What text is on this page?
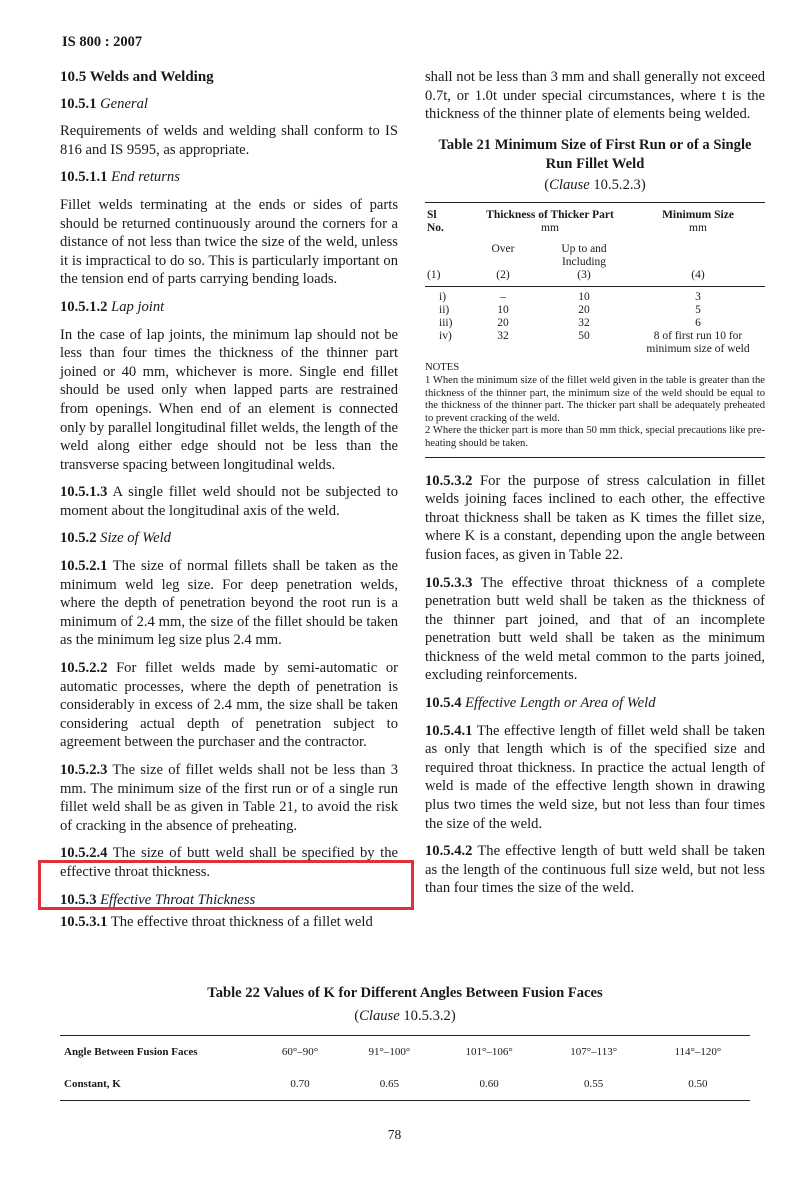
IS 800 : 2007
10.5 Welds and Welding

10.5.1 General

Requirements of welds and welding shall conform to IS 816 and IS 9595, as appropriate.

10.5.1.1 End returns

Fillet welds terminating at the ends or sides of parts should be returned continuously around the corners for a distance of not less than twice the size of the weld, unless it is impractical to do so. This is particularly important on the tension end of parts carrying bending loads.

10.5.1.2 Lap joint

In the case of lap joints, the minimum lap should not be less than four times the thickness of the thinner part joined or 40 mm, whichever is more. Single end fillet should be used only when lapped parts are restrained from openings. When end of an element is connected only by parallel longitudinal fillet welds, the length of the weld along either edge should not be less than the transverse spacing between longitudinal welds.

10.5.1.3 A single fillet weld should not be subjected to moment about the longitudinal axis of the weld.

10.5.2 Size of Weld

10.5.2.1 The size of normal fillets shall be taken as the minimum weld leg size. For deep penetration welds, where the depth of penetration beyond the root run is a minimum of 2.4 mm, the size of the fillet should be taken as the minimum leg size plus 2.4 mm.

10.5.2.2 For fillet welds made by semi-automatic or automatic processes, where the depth of penetration is considerably in excess of 2.4 mm, the size shall be taken considering actual depth of penetration subject to agreement between the purchaser and the contractor.

10.5.2.3 The size of fillet welds shall not be less than 3 mm. The minimum size of the first run or of a single run fillet weld shall be as given in Table 21, to avoid the risk of cracking in the absence of preheating.

10.5.2.4 The size of butt weld shall be specified by the effective throat thickness.

10.5.3 Effective Throat Thickness

10.5.3.1 The effective throat thickness of a fillet weld

shall not be less than 3 mm and shall generally not exceed 0.7t, or 1.0t under special circumstances, where t is the thickness of the thinner plate of elements being welded.

Table 21 Minimum Size of First Run or of a Single Run Fillet Weld
(Clause 10.5.2.3)
Sl
No.	Thickness of Thicker Part
mm		Minimum Size
mm
	Over	Up to and Including	
(1)	(2)	(3)	(4)

i)	–	10	3
ii)	10	20	5
iii)	20	32	6
iv)	32	50	8 of first run 10 for minimum size of weld
NOTES
1 When the minimum size of the fillet weld given in the table is greater than the thickness of the thinner part, the minimum size of the weld should be equal to the thickness of the thinner part. The thicker part shall be adequately preheated to prevent cracking of the weld.
2 Where the thicker part is more than 50 mm thick, special precautions like pre-heating should be taken.

10.5.3.2 For the purpose of stress calculation in fillet welds joining faces inclined to each other, the effective throat thickness shall be taken as K times the fillet size, where K is a constant, depending upon the angle between fusion faces, as given in Table 22.

10.5.3.3 The effective throat thickness of a complete penetration butt weld shall be taken as the thickness of the thinner part joined, and that of an incomplete penetration butt weld shall be taken as the minimum thickness of the weld metal common to the parts joined, excluding reinforcements.

10.5.4 Effective Length or Area of Weld

10.5.4.1 The effective length of fillet weld shall be taken as only that length which is of the specified size and required throat thickness. In practice the actual length of weld is made of the effective length shown in drawing plus two times the weld size, but not less than four times the size of the weld.

10.5.4.2 The effective length of butt weld shall be taken as the length of the continuous full size weld, but not less than four times the size of the weld.

Table 22 Values of K for Different Angles Between Fusion Faces
(Clause 10.5.3.2)
Angle Between Fusion Faces	60°–90°	91°–100°	101°–106°	107°–113°	114°–120°
Constant, K	0.70	0.65	0.60	0.55	0.50
78
